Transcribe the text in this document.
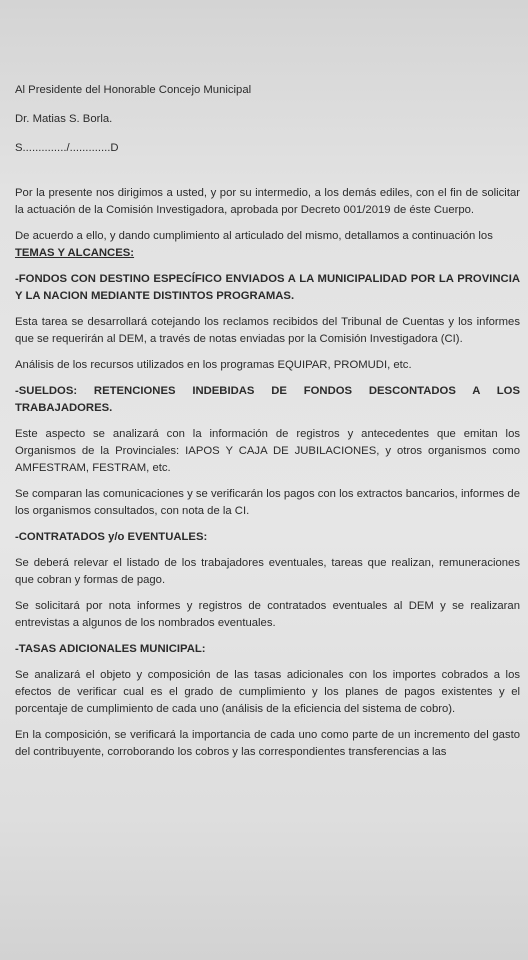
Al Presidente del Honorable Concejo Municipal
Dr. Matias S. Borla.
S............../.............D

Por la presente nos dirigimos a usted, y por su intermedio, a los demás ediles, con el fin de solicitar la actuación de la Comisión Investigadora, aprobada por Decreto 001/2019 de éste Cuerpo.

De acuerdo a ello, y dando cumplimiento al articulado del mismo, detallamos a continuación los
TEMAS Y ALCANCES:

-FONDOS CON DESTINO ESPECÍFICO ENVIADOS A LA MUNICIPALIDAD POR LA PROVINCIA Y LA NACION MEDIANTE DISTINTOS PROGRAMAS.

Esta tarea se desarrollará cotejando los reclamos recibidos del Tribunal de Cuentas y los informes que se requerirán al DEM, a través de notas enviadas por la Comisión Investigadora (CI).

Análisis de los recursos utilizados en los programas EQUIPAR, PROMUDI, etc.

-SUELDOS: RETENCIONES INDEBIDAS DE FONDOS DESCONTADOS A LOS TRABAJADORES.

Este aspecto se analizará con la información de registros y antecedentes que emitan los Organismos de la Provinciales: IAPOS Y CAJA DE JUBILACIONES, y otros organismos como AMFESTRAM, FESTRAM, etc.

Se comparan las comunicaciones y se verificarán los pagos con los extractos bancarios, informes de los organismos consultados, con nota de la CI.

-CONTRATADOS y/o EVENTUALES:

Se deberá relevar el listado de los trabajadores eventuales, tareas que realizan, remuneraciones que cobran y formas de pago.

Se solicitará por nota informes y registros de contratados eventuales al DEM y se realizaran entrevistas a algunos de los nombrados eventuales.

-TASAS ADICIONALES MUNICIPAL:

Se analizará el objeto y composición de las tasas adicionales con los importes cobrados a los efectos de verificar cual es el grado de cumplimiento y los planes de pagos existentes y el porcentaje de cumplimiento de cada uno (análisis de la eficiencia del sistema de cobro).

En la composición, se verificará la importancia de cada uno como parte de un incremento del gasto del contribuyente, corroborando los cobros y las correspondientes transferencias a las
